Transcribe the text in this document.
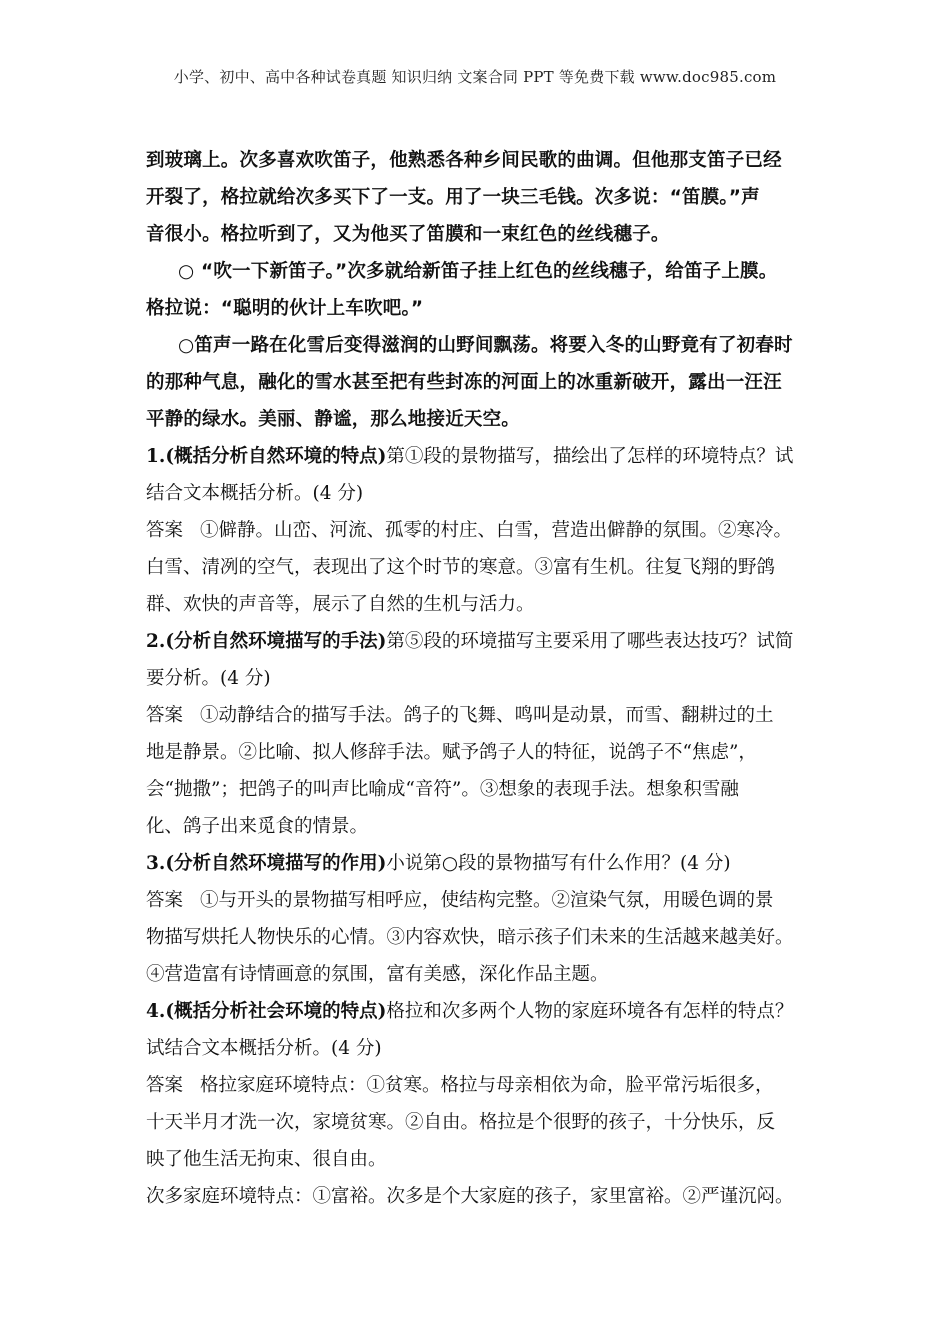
小学、初中、高中各种试卷真题 知识归纳 文案合同 PPT 等免费下载 www.doc985.com
到玻璃上。次多喜欢吹笛子，他熟悉各种乡间民歌的曲调。但他那支笛子已经
开裂了，格拉就给次多买下了一支。用了一块三毛钱。次多说：“笛膜。”声
音很小。格拉听到了，又为他买了笛膜和一束红色的丝线穗子。
○ “吹一下新笛子。”次多就给新笛子挂上红色的丝线穗子，给笛子上膜。
格拉说：“聪明的伙计上车吹吧。”
○笛声一路在化雪后变得滋润的山野间飘荡。将要入冬的山野竟有了初春时
的那种气息，融化的雪水甚至把有些封冻的河面上的冰重新破开，露出一汪汪
平静的绿水。美丽、静谧，那么地接近天空。
1.(概括分析自然环境的特点)第①段的景物描写，描绘出了怎样的环境特点？试
结合文本概括分析。(4 分)
答案 ①僻静。山峦、河流、孤零的村庄、白雪，营造出僻静的氛围。②寒冷。
白雪、清冽的空气，表现出了这个时节的寒意。③富有生机。往复飞翔的野鸽
群、欢快的声音等，展示了自然的生机与活力。
2.(分析自然环境描写的手法)第⑤段的环境描写主要采用了哪些表达技巧？试简
要分析。(4 分)
答案 ①动静结合的描写手法。鸽子的飞舞、鸣叫是动景，而雪、翻耕过的土
地是静景。②比喻、拟人修辞手法。赋予鸽子人的特征，说鸽子不“焦虑”，
会“抛撒”；把鸽子的叫声比喻成“音符”。③想象的表现手法。想象积雪融
化、鸽子出来觅食的情景。
3.(分析自然环境描写的作用)小说第○段的景物描写有什么作用？(4 分)
答案 ①与开头的景物描写相呼应，使结构完整。②渲染气氛，用暖色调的景
物描写烘托人物快乐的心情。③内容欢快，暗示孩子们未来的生活越来越美好。
④营造富有诗情画意的氛围，富有美感，深化作品主题。
4.(概括分析社会环境的特点)格拉和次多两个人物的家庭环境各有怎样的特点？
试结合文本概括分析。(4 分)
答案 格拉家庭环境特点：①贫寒。格拉与母亲相依为命，脸平常污垢很多，
十天半月才洗一次，家境贫寒。②自由。格拉是个很野的孩子，十分快乐，反
映了他生活无拘束、很自由。
次多家庭环境特点：①富裕。次多是个大家庭的孩子，家里富裕。②严谨沉闷。
